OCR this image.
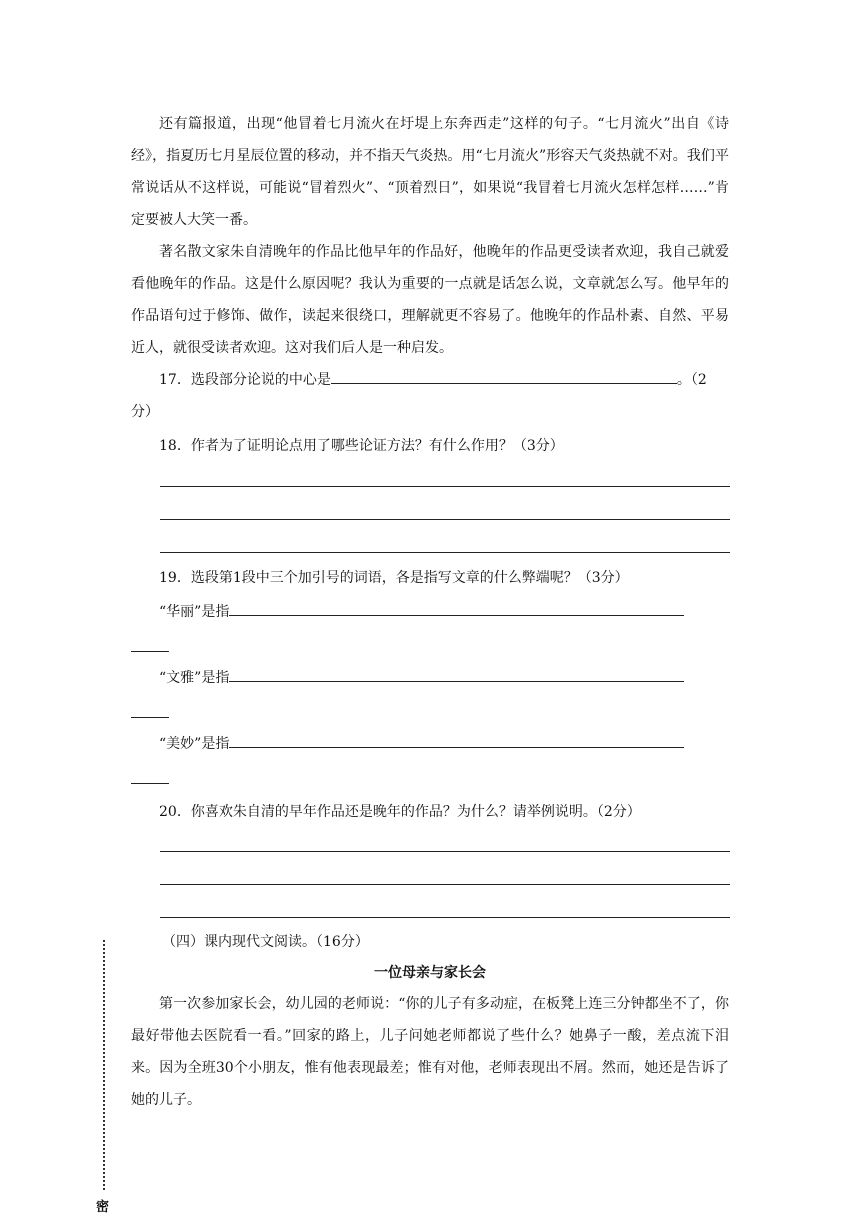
还有篇报道，出现“他冒着七月流火在圩堤上东奔西走”这样的句子。“七月流火”出自《诗经》，指夏历七月星辰位置的移动，并不指天气炎热。用“七月流火”形容天气炎热就不对。我们平常说话从不这样说，可能说“冒着烈火”、“顶着烈日”，如果说“我冒着七月流火怎样怎样……”肯定要被人大笑一番。

著名散文家朱自清晚年的作品比他早年的作品好，他晚年的作品更受读者欢迎，我自己就爱看他晚年的作品。这是什么原因呢？我认为重要的一点就是话怎么说，文章就怎么写。他早年的作品语句过于修饰、做作，读起来很绕口，理解就更不容易了。他晚年的作品朴素、自然、平易近人，就很受读者欢迎。这对我们后人是一种启发。

17．选段部分论说的中心是	。（2
分）
18．作者为了证明论点用了哪些论证方法？有什么作用？（3分）
19．选段第1段中三个加引号的词语，各是指写文章的什么弊端呢？（3分）
“华丽”是指
“文雅”是指
“美妙”是指
20．你喜欢朱自清的早年作品还是晚年的作品？为什么？请举例说明。（2分）
（四）课内现代文阅读。（16分）
一位母亲与家长会

第一次参加家长会，幼儿园的老师说：“你的儿子有多动症，在板凳上连三分钟都坐不了，你最好带他去医院看一看。”回家的路上，儿子问她老师都说了些什么？她鼻子一酸，差点流下泪来。因为全班30个小朋友，惟有他表现最差；惟有对他，老师表现出不屑。然而，她还是告诉了她的儿子。

密
